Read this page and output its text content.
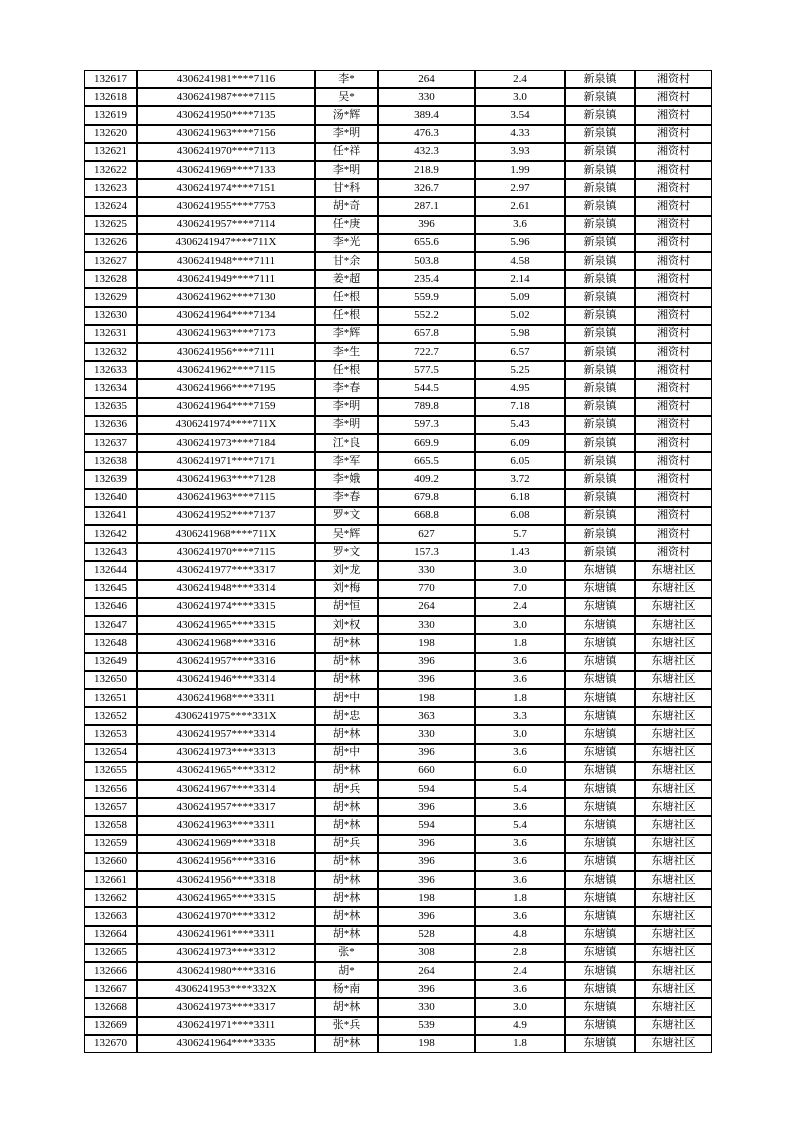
132617	4306241981****7116	李*	264	2.4	新泉镇	湘资村
132618	4306241987****7115	吴*	330	3.0	新泉镇	湘资村
132619	4306241950****7135	汤*辉	389.4	3.54	新泉镇	湘资村
132620	4306241963****7156	李*明	476.3	4.33	新泉镇	湘资村
132621	4306241970****7113	任*祥	432.3	3.93	新泉镇	湘资村
132622	4306241969****7133	李*明	218.9	1.99	新泉镇	湘资村
132623	4306241974****7151	甘*科	326.7	2.97	新泉镇	湘资村
132624	4306241955****7753	胡*奇	287.1	2.61	新泉镇	湘资村
132625	4306241957****7114	任*庚	396	3.6	新泉镇	湘资村
132626	4306241947****711X	李*光	655.6	5.96	新泉镇	湘资村
132627	4306241948****7111	甘*余	503.8	4.58	新泉镇	湘资村
132628	4306241949****7111	姜*超	235.4	2.14	新泉镇	湘资村
132629	4306241962****7130	任*根	559.9	5.09	新泉镇	湘资村
132630	4306241964****7134	任*根	552.2	5.02	新泉镇	湘资村
132631	4306241963****7173	李*辉	657.8	5.98	新泉镇	湘资村
132632	4306241956****7111	李*生	722.7	6.57	新泉镇	湘资村
132633	4306241962****7115	任*根	577.5	5.25	新泉镇	湘资村
132634	4306241966****7195	李*春	544.5	4.95	新泉镇	湘资村
132635	4306241964****7159	李*明	789.8	7.18	新泉镇	湘资村
132636	4306241974****711X	李*明	597.3	5.43	新泉镇	湘资村
132637	4306241973****7184	江*良	669.9	6.09	新泉镇	湘资村
132638	4306241971****7171	李*军	665.5	6.05	新泉镇	湘资村
132639	4306241963****7128	李*娥	409.2	3.72	新泉镇	湘资村
132640	4306241963****7115	李*春	679.8	6.18	新泉镇	湘资村
132641	4306241952****7137	罗*文	668.8	6.08	新泉镇	湘资村
132642	4306241968****711X	吴*辉	627	5.7	新泉镇	湘资村
132643	4306241970****7115	罗*文	157.3	1.43	新泉镇	湘资村
132644	4306241977****3317	刘*龙	330	3.0	东塘镇	东塘社区
132645	4306241948****3314	刘*梅	770	7.0	东塘镇	东塘社区
132646	4306241974****3315	胡*恒	264	2.4	东塘镇	东塘社区
132647	4306241965****3315	刘*权	330	3.0	东塘镇	东塘社区
132648	4306241968****3316	胡*林	198	1.8	东塘镇	东塘社区
132649	4306241957****3316	胡*林	396	3.6	东塘镇	东塘社区
132650	4306241946****3314	胡*林	396	3.6	东塘镇	东塘社区
132651	4306241968****3311	胡*中	198	1.8	东塘镇	东塘社区
132652	4306241975****331X	胡*忠	363	3.3	东塘镇	东塘社区
132653	4306241957****3314	胡*林	330	3.0	东塘镇	东塘社区
132654	4306241973****3313	胡*中	396	3.6	东塘镇	东塘社区
132655	4306241965****3312	胡*林	660	6.0	东塘镇	东塘社区
132656	4306241967****3314	胡*兵	594	5.4	东塘镇	东塘社区
132657	4306241957****3317	胡*林	396	3.6	东塘镇	东塘社区
132658	4306241963****3311	胡*林	594	5.4	东塘镇	东塘社区
132659	4306241969****3318	胡*兵	396	3.6	东塘镇	东塘社区
132660	4306241956****3316	胡*林	396	3.6	东塘镇	东塘社区
132661	4306241956****3318	胡*林	396	3.6	东塘镇	东塘社区
132662	4306241965****3315	胡*林	198	1.8	东塘镇	东塘社区
132663	4306241970****3312	胡*林	396	3.6	东塘镇	东塘社区
132664	4306241961****3311	胡*林	528	4.8	东塘镇	东塘社区
132665	4306241973****3312	张*	308	2.8	东塘镇	东塘社区
132666	4306241980****3316	胡*	264	2.4	东塘镇	东塘社区
132667	4306241953****332X	杨*南	396	3.6	东塘镇	东塘社区
132668	4306241973****3317	胡*林	330	3.0	东塘镇	东塘社区
132669	4306241971****3311	张*兵	539	4.9	东塘镇	东塘社区
132670	4306241964****3335	胡*林	198	1.8	东塘镇	东塘社区
